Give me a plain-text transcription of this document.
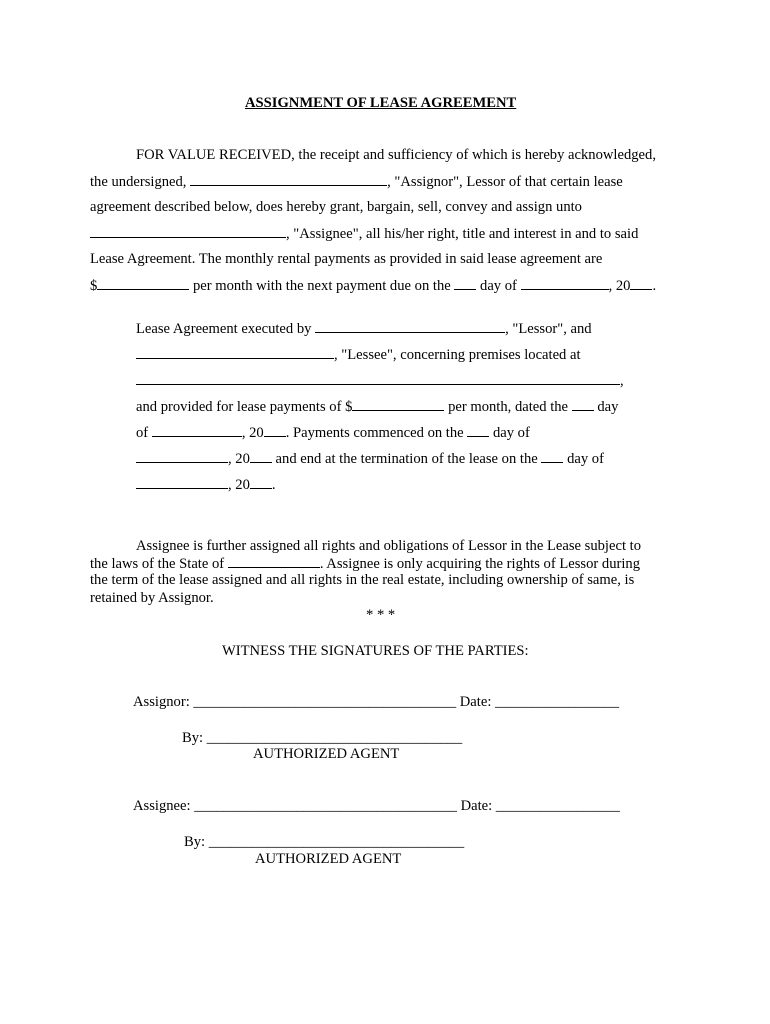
ASSIGNMENT OF LEASE AGREEMENT
FOR VALUE RECEIVED, the receipt and sufficiency of which is hereby acknowledged,
the undersigned,	, "Assignor", Lessor of that certain lease
agreement described below, does hereby grant, bargain, sell, convey and assign unto
, "Assignee", all his/her right, title and interest in and to said
Lease Agreement. The monthly rental payments as provided in said lease agreement are
$	per month with the next payment due on the day of	, 20 .
Lease Agreement executed by	, "Lessor", and
, "Lessee", concerning premises located at
,
and provided for lease payments of $	per month, dated the day
of	, 20 . Payments commenced on the day of
, 20 and end at the termination of the lease on the day of
, 20 .
Assignee is further assigned all rights and obligations of Lessor in the Lease subject to
the laws of the State of	. Assignee is only acquiring the rights of Lessor during
the term of the lease assigned and all rights in the real estate, including ownership of same, is
retained by Assignor.
* * *
WITNESS THE SIGNATURES OF THE PARTIES:
Assignor: ____________________________________ Date: _________________
By: ___________________________________
AUTHORIZED AGENT
Assignee: ____________________________________ Date: _________________
By: ___________________________________
AUTHORIZED AGENT
